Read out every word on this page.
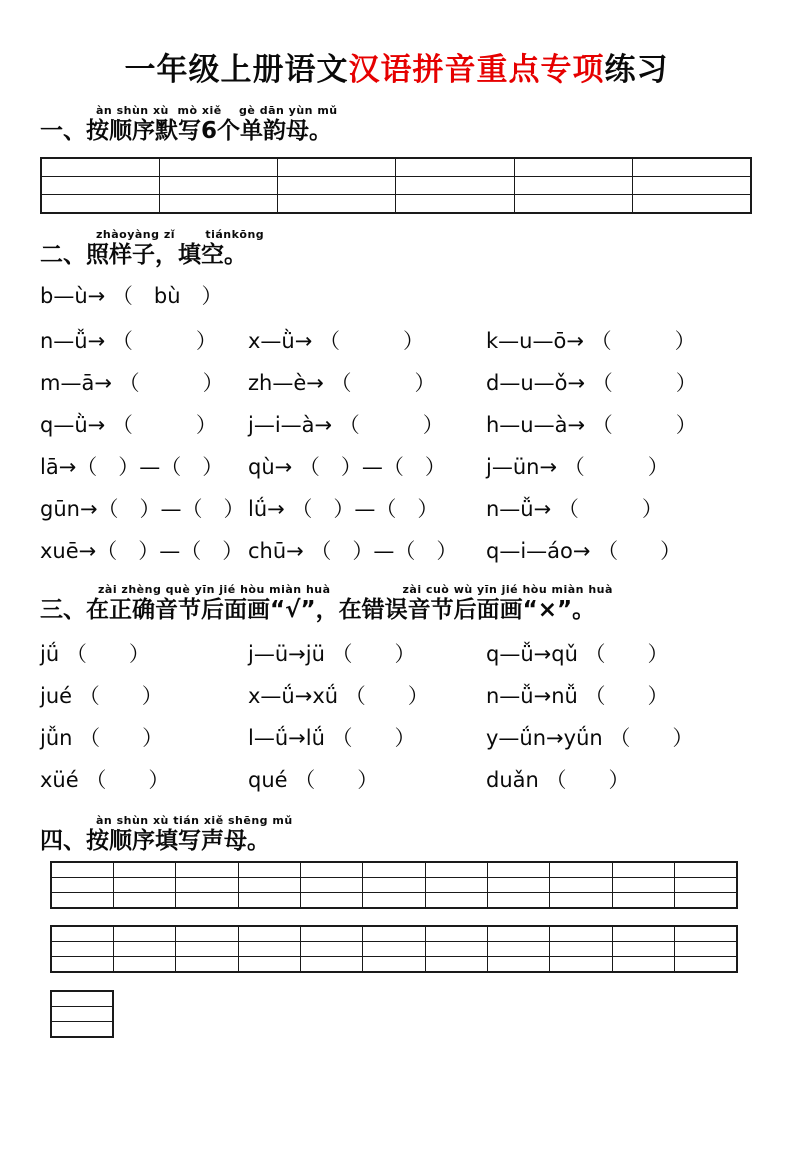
一年级上册语文汉语拼音重点专项练习
àn shùn xù  mò xiě    gè dān yùn mǔ
一、按顺序默写6个单韵母。

zhàoyàng zǐ       tiánkōng
二、照样子，填空。
b—ù→ （　bù　）
n—ǚ→ （　　　）	x—ǜ→ （　　　）	k—u—ō→ （　　　）
m—ā→ （　　　）	zh—è→ （　　　）	d—u—ǒ→ （　　　）
q—ǜ→ （　　　）	j—i—à→ （　　　）	h—u—à→ （　　　）
lā→（　）—（　）	qù→ （　）—（　）	j—ün→ （　　　）
gūn→（　）—（　） lǘ→ （　）—（　）	n—ǚ→ （　　　）
xuē→（　）—（　） chū→ （　）—（　）	q—i—áo→ （　　）
zài zhèng què yīn jié hòu miàn huà	zài cuò wù yīn jié hòu miàn huà
三、在正确音节后面画“√”，在错误音节后面画“×”。
jǘ （　　）	j—ü→jü （　　）	q—ǚ→qǔ （　　）
jué （　　）	x—ǘ→xǘ （　　）	n—ǚ→nǚ （　　）
jǚn （　　）	l—ǘ→lǘ （　　）	y—ǘn→yǘn （　　）
xüé （　　）	qué （　　）	duǎn （　　）
àn shùn xù tián xiě shēng mǔ
四、按顺序填写声母。
